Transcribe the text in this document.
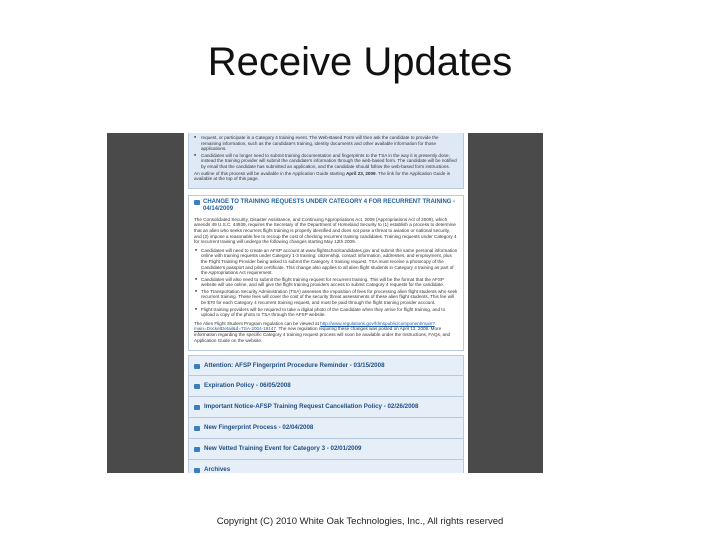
Receive Updates
■ request, or participate in a Category 4 training event. The Web-Based Form will then ask the candidate to provide the remaining information, such as the candidate's training, identity documents and other available information for those applications.
■ Candidates will no longer need to submit training documentation and fingerprints to the TSA in the way it is presently done; instead the training provider will submit the candidate's information through the web-based form. The candidate will be notified by email that the candidate has submitted an application, and the candidate should follow the web-based form instructions.

An outline of this process will be available in the Application Guide starting April 23, 2009. The link for the Application Guide is available at the top of this page.

CHANGE TO TRAINING REQUESTS UNDER CATEGORY 4 FOR RECURRENT TRAINING - 04/14/2009

The Consolidated Security, Disaster Assistance, and Continuing Appropriations Act, 2009 (Appropriations Act of 2009), which amends 49 U.S.C. 44939, requires the Secretary of the Department of Homeland Security to (1) establish a process to determine that an alien who seeks recurrent flight training is properly identified and does not pose a threat to aviation or national security, and (2) impose a reasonable fee to recoup the cost of checking recurrent training candidates. Training requests under Category 4 for recurrent training will undergo the following changes starting May 12th 2009.

■ Candidates will need to create an AFSP account at www.flightschoolcandidates.gov and submit the same personal information online with training requests under Category 1-3 training: citizenship, contact information, addresses, and employment, plus the Flight Training Provider being asked to submit the Category 4 training request. TSA must receive a photocopy of the Candidate's passport and pilot certificate. This change also applies to all alien flight students in Category 4 training as part of the Appropriations Act requirement.
■ Candidates will also need to submit the flight training request for recurrent training. This will be the format that the AFSP website will use online, and will give the flight training providers access to submit Category 4 requests for the candidate.
■ The Transportation Security Administration (TSA) assesses the imposition of fees for processing alien flight students who seek recurrent training. These fees will cover the cost of the security threat assessments of these alien flight students. This fee will be $70 for each Category 4 recurrent training request, and must be paid through the flight training provider account.
■ Flight training providers will be required to take a digital photo of the Candidate when they arrive for flight training, and to upload a copy of the photo to TSA through the AFSP website.

The Alien Flight Student Program regulation can be viewed at http://www.regulations.gov/fdmspublic/component/main?main=DocketDetail&d=TSA-2004-19147. The new regulation requiring these changes was posted on April 13, 2009. More information regarding the specific Category 4 training request process will soon be available under the Instructions, FAQs, and Application Guide on the website.

Attention: AFSP Fingerprint Procedure Reminder - 03/15/2008
Expiration Policy - 06/05/2008
Important Notice-AFSP Training Request Cancellation Policy - 02/26/2008
New Fingerprint Process - 02/04/2008
New Vetted Training Event for Category 3 - 02/01/2009
Archives
Copyright (C) 2010 White Oak Technologies, Inc., All rights reserved
